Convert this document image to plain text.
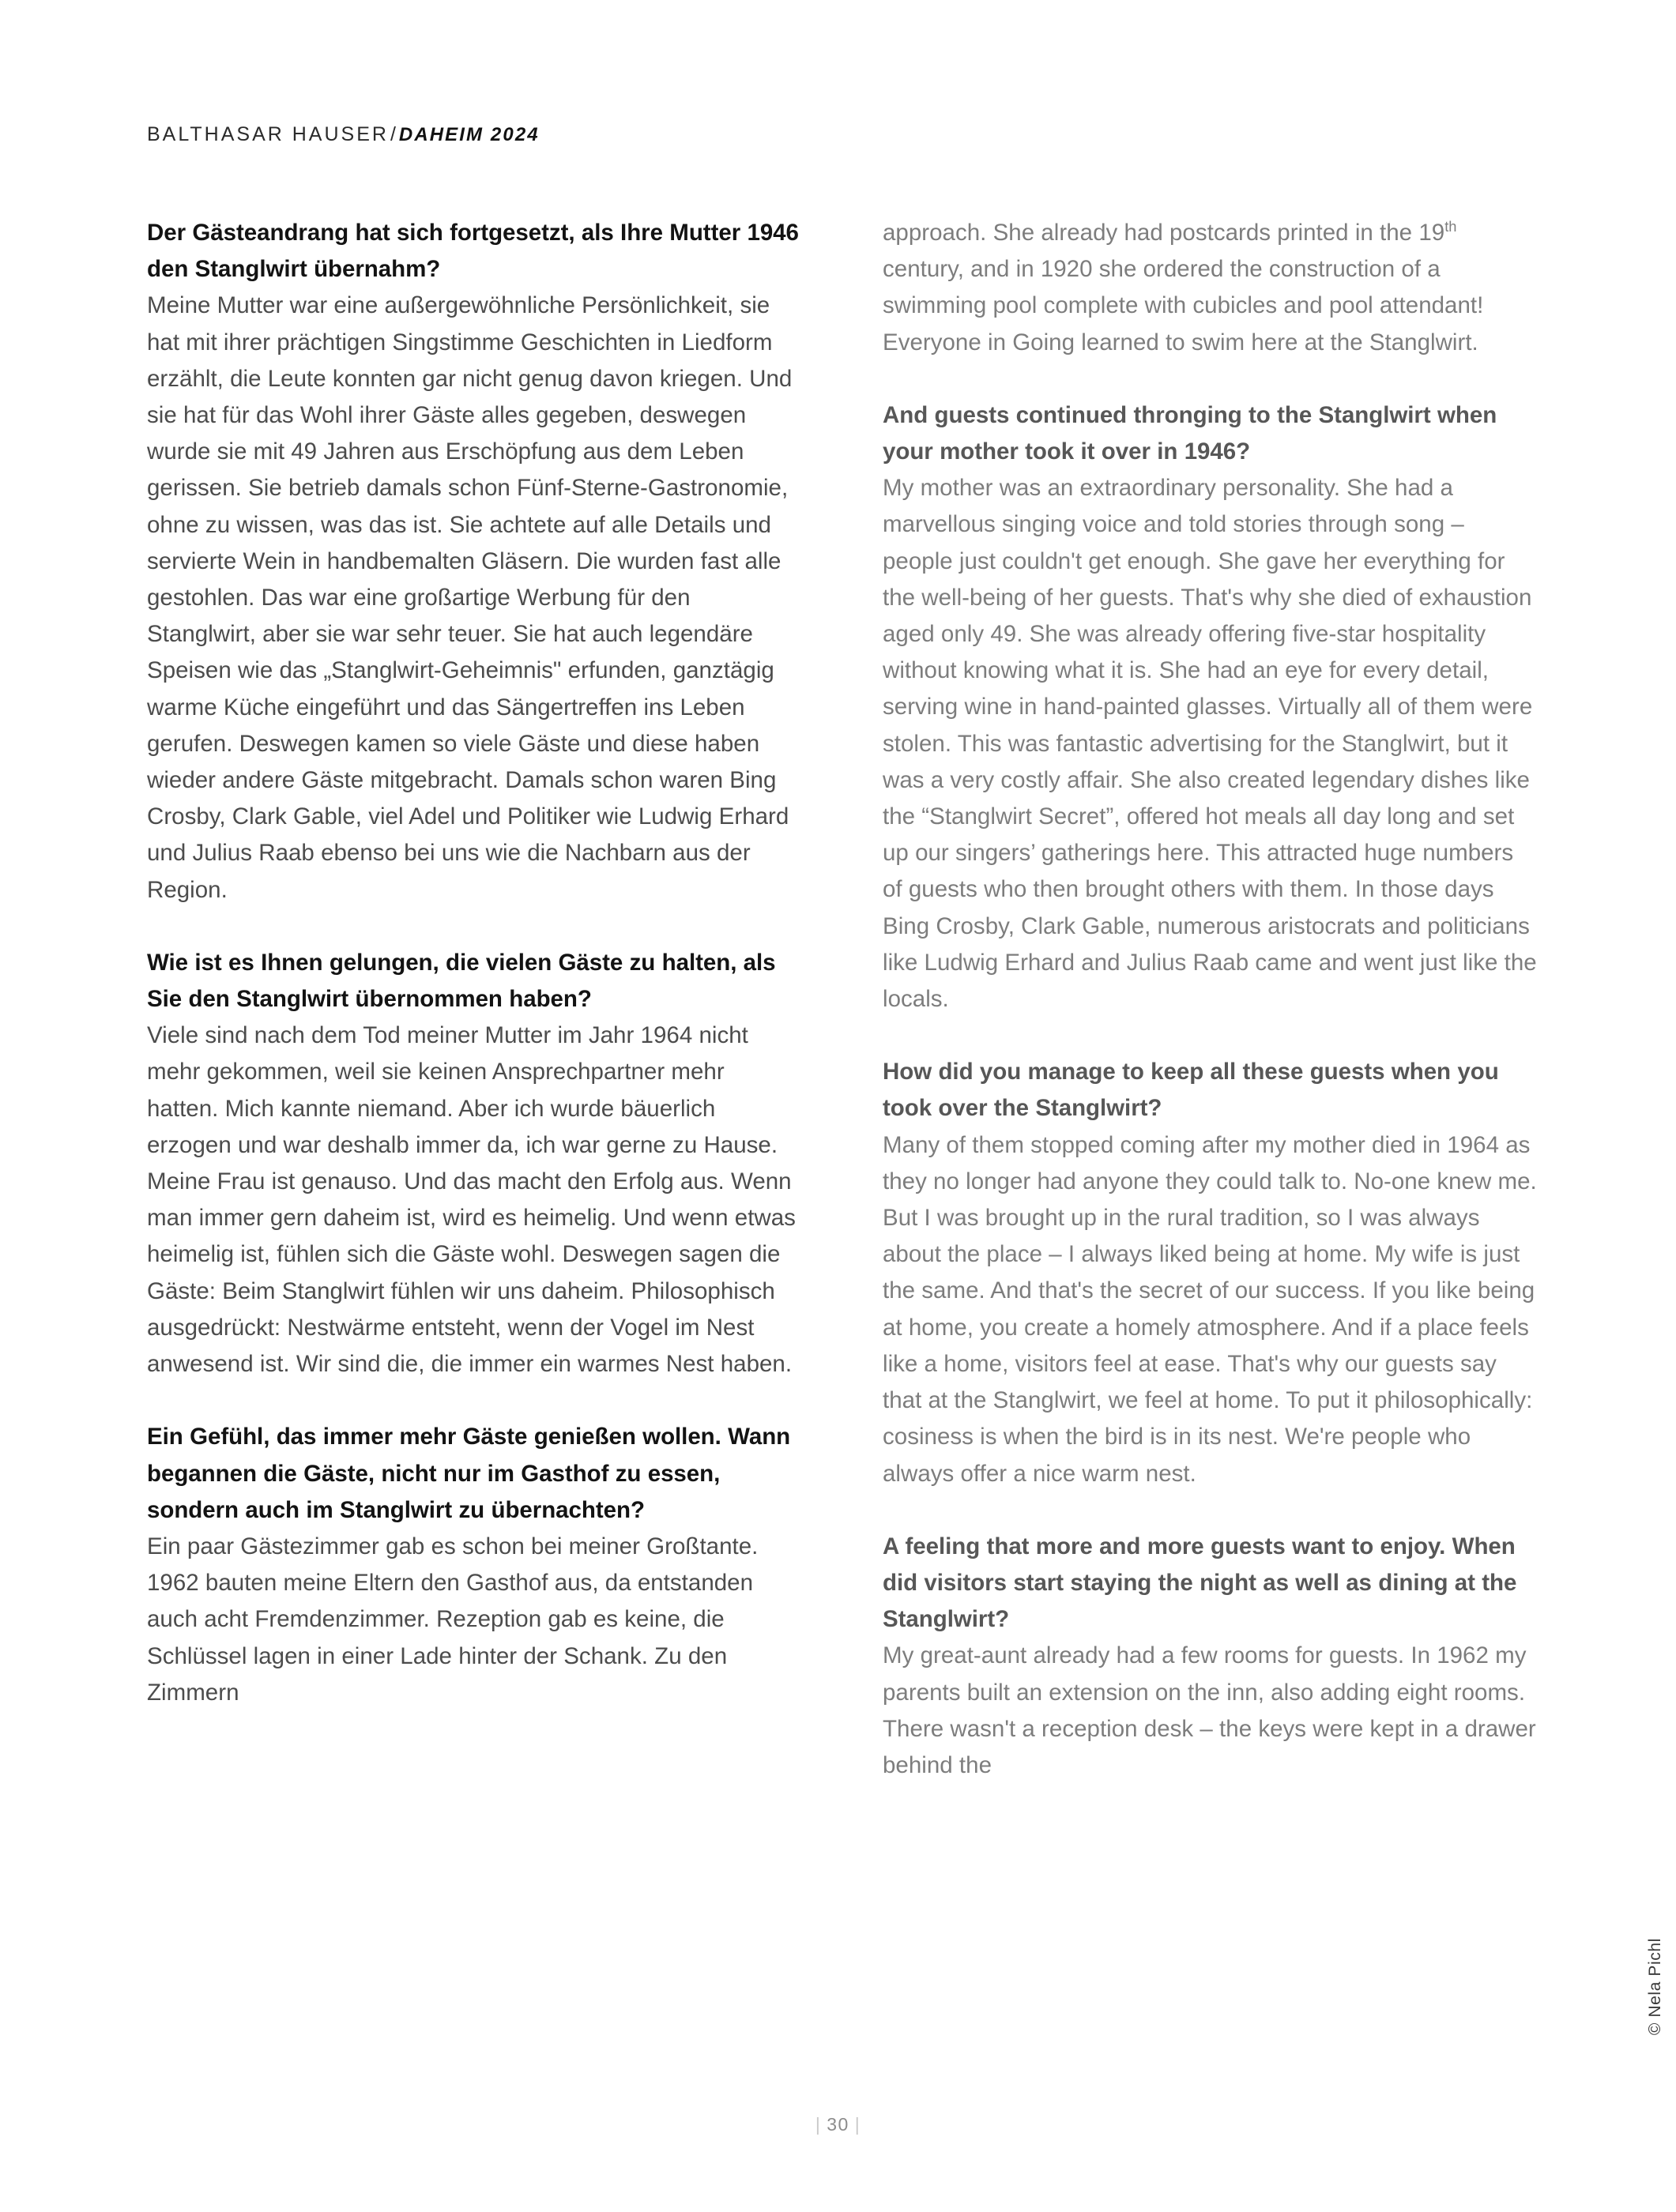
BALTHASAR HAUSER/DAHEIM 2024

Der Gästeandrang hat sich fortgesetzt, als Ihre Mutter 1946 den Stanglwirt übernahm?

Meine Mutter war eine außergewöhnliche Persönlichkeit, sie hat mit ihrer prächtigen Singstimme Geschichten in Liedform erzählt, die Leute konnten gar nicht genug davon kriegen. Und sie hat für das Wohl ihrer Gäste alles gegeben, deswegen wurde sie mit 49 Jahren aus Erschöpfung aus dem Leben gerissen. Sie betrieb damals schon Fünf-Sterne-Gastronomie, ohne zu wissen, was das ist. Sie achtete auf alle Details und servierte Wein in handbemalten Gläsern. Die wurden fast alle gestohlen. Das war eine großartige Werbung für den Stanglwirt, aber sie war sehr teuer. Sie hat auch legendäre Speisen wie das „Stanglwirt-Geheimnis" erfunden, ganztägig warme Küche eingeführt und das Sängertreffen ins Leben gerufen. Deswegen kamen so viele Gäste und diese haben wieder andere Gäste mitgebracht. Damals schon waren Bing Crosby, Clark Gable, viel Adel und Politiker wie Ludwig Erhard und Julius Raab ebenso bei uns wie die Nachbarn aus der Region.

Wie ist es Ihnen gelungen, die vielen Gäste zu halten, als Sie den Stanglwirt übernommen haben?

Viele sind nach dem Tod meiner Mutter im Jahr 1964 nicht mehr gekommen, weil sie keinen Ansprechpartner mehr hatten. Mich kannte niemand. Aber ich wurde bäuerlich erzogen und war deshalb immer da, ich war gerne zu Hause. Meine Frau ist genauso. Und das macht den Erfolg aus. Wenn man immer gern daheim ist, wird es heimelig. Und wenn etwas heimelig ist, fühlen sich die Gäste wohl. Deswegen sagen die Gäste: Beim Stanglwirt fühlen wir uns daheim. Philosophisch ausgedrückt: Nestwärme entsteht, wenn der Vogel im Nest anwesend ist. Wir sind die, die immer ein warmes Nest haben.

Ein Gefühl, das immer mehr Gäste genießen wollen. Wann begannen die Gäste, nicht nur im Gasthof zu essen, sondern auch im Stanglwirt zu übernachten?

Ein paar Gästezimmer gab es schon bei meiner Großtante. 1962 bauten meine Eltern den Gasthof aus, da entstanden auch acht Fremdenzimmer. Rezeption gab es keine, die Schlüssel lagen in einer Lade hinter der Schank. Zu den Zimmern

approach. She already had postcards printed in the 19th century, and in 1920 she ordered the construction of a swimming pool complete with cubicles and pool attendant! Everyone in Going learned to swim here at the Stanglwirt.

And guests continued thronging to the Stanglwirt when your mother took it over in 1946?

My mother was an extraordinary personality. She had a marvellous singing voice and told stories through song – people just couldn't get enough. She gave her everything for the well-being of her guests. That's why she died of exhaustion aged only 49. She was already offering five-star hospitality without knowing what it is. She had an eye for every detail, serving wine in hand-painted glasses. Virtually all of them were stolen. This was fantastic advertising for the Stanglwirt, but it was a very costly affair. She also created legendary dishes like the “Stanglwirt Secret”, offered hot meals all day long and set up our singers’ gatherings here. This attracted huge numbers of guests who then brought others with them. In those days Bing Crosby, Clark Gable, numerous aristocrats and politicians like Ludwig Erhard and Julius Raab came and went just like the locals.

How did you manage to keep all these guests when you took over the Stanglwirt?

Many of them stopped coming after my mother died in 1964 as they no longer had anyone they could talk to. No-one knew me. But I was brought up in the rural tradition, so I was always about the place – I always liked being at home. My wife is just the same. And that's the secret of our success. If you like being at home, you create a homely atmosphere. And if a place feels like a home, visitors feel at ease. That's why our guests say that at the Stanglwirt, we feel at home. To put it philosophically: cosiness is when the bird is in its nest. We're people who always offer a nice warm nest.

A feeling that more and more guests want to enjoy. When did visitors start staying the night as well as dining at the Stanglwirt?

My great-aunt already had a few rooms for guests. In 1962 my parents built an extension on the inn, also adding eight rooms. There wasn't a reception desk – the keys were kept in a drawer behind the

© Nela Pichl
| 30 |
